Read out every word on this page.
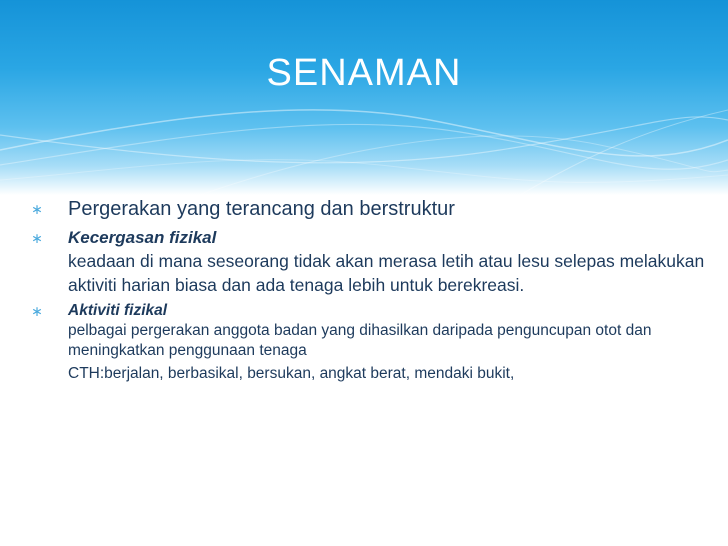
SENAMAN
∗ Pergerakan yang terancang dan berstruktur
∗ Kecergasan fizikal
keadaan di mana seseorang tidak akan merasa letih atau lesu selepas melakukan aktiviti harian biasa dan ada tenaga lebih untuk berekreasi.
∗ Aktiviti fizikal
pelbagai pergerakan anggota badan yang dihasilkan daripada penguncupan otot dan meningkatkan penggunaan tenaga
CTH:berjalan, berbasikal, bersukan, angkat berat, mendaki bukit,
